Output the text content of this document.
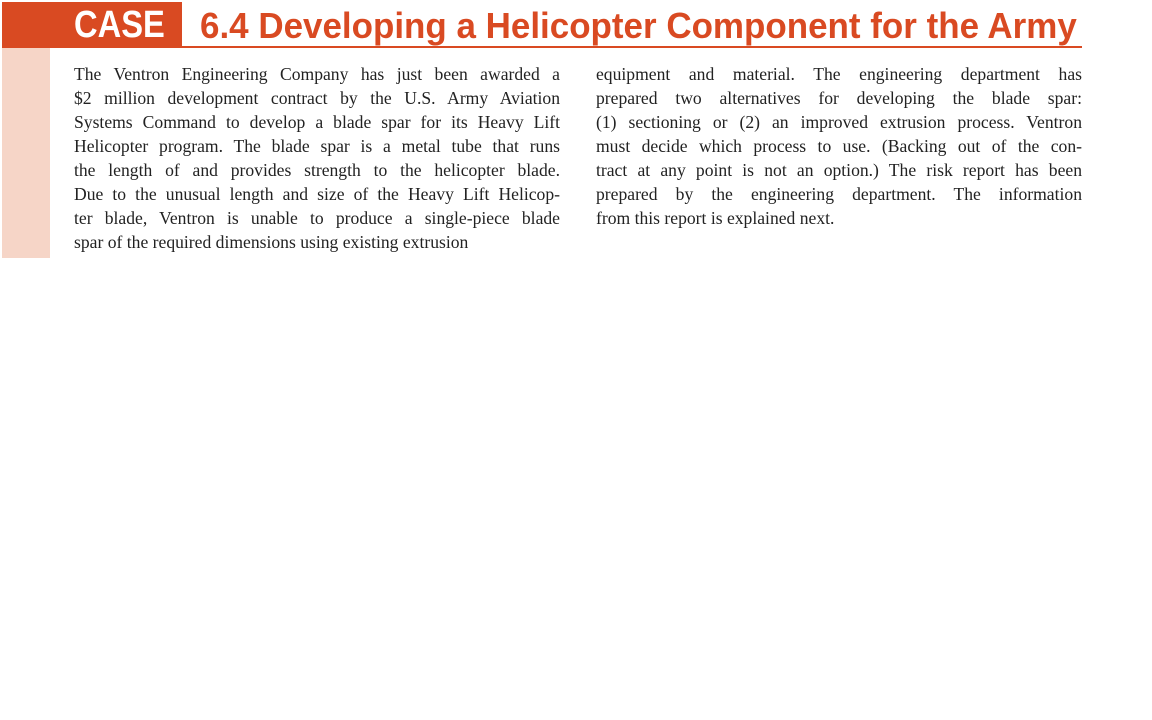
CASE 6.4 Developing a Helicopter Component for the Army
The Ventron Engineering Company has just been awarded a
$2 million development contract by the U.S. Army Aviation
Systems Command to develop a blade spar for its Heavy Lift
Helicopter program. The blade spar is a metal tube that runs
the length of and provides strength to the helicopter blade.
Due to the unusual length and size of the Heavy Lift Helicop-
ter blade, Ventron is unable to produce a single-piece blade
spar of the required dimensions using existing extrusion
equipment and material. The engineering department has
prepared two alternatives for developing the blade spar:
(1) sectioning or (2) an improved extrusion process. Ventron
must decide which process to use. (Backing out of the con-
tract at any point is not an option.) The risk report has been
prepared by the engineering department. The information
from this report is explained next.
